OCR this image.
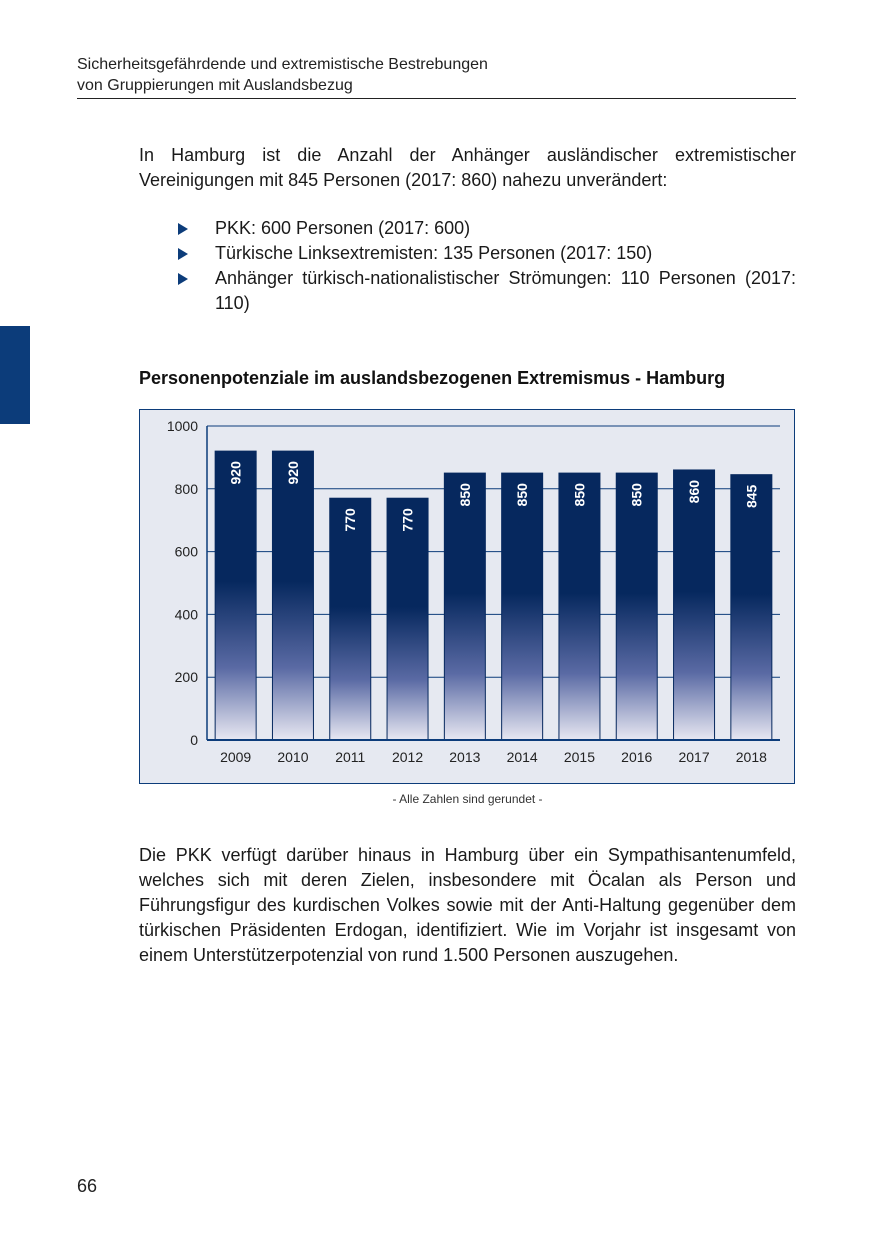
Sicherheitsgefährdende und extremistische Bestrebungen
von Gruppierungen mit Auslandsbezug

In Hamburg ist die Anzahl der Anhänger ausländischer extremistischer Vereinigungen mit 845 Personen (2017: 860) nahezu unverändert:

PKK: 600 Personen (2017: 600)
Türkische Linksextremisten: 135 Personen (2017: 150)
Anhänger türkisch-nationalistischer Strömungen: 110 Personen (2017: 110)
Personenpotenziale im auslandsbezogenen Extremismus - Hamburg
0
200
400
600
800
1000
920
2009
920
2010
770
2011
770
2012
850
2013
850
2014
850
2015
850
2016
860
2017
845
2018
- Alle Zahlen sind gerundet -

Die PKK verfügt darüber hinaus in Hamburg über ein Sympathisantenumfeld, welches sich mit deren Zielen, insbesondere mit Öcalan als Person und Führungsfigur des kurdischen Volkes sowie mit der Anti-Haltung gegenüber dem türkischen Präsidenten Erdogan, identifiziert. Wie im Vorjahr ist insgesamt von einem Unterstützerpotenzial von rund 1.500 Personen auszugehen.

66
